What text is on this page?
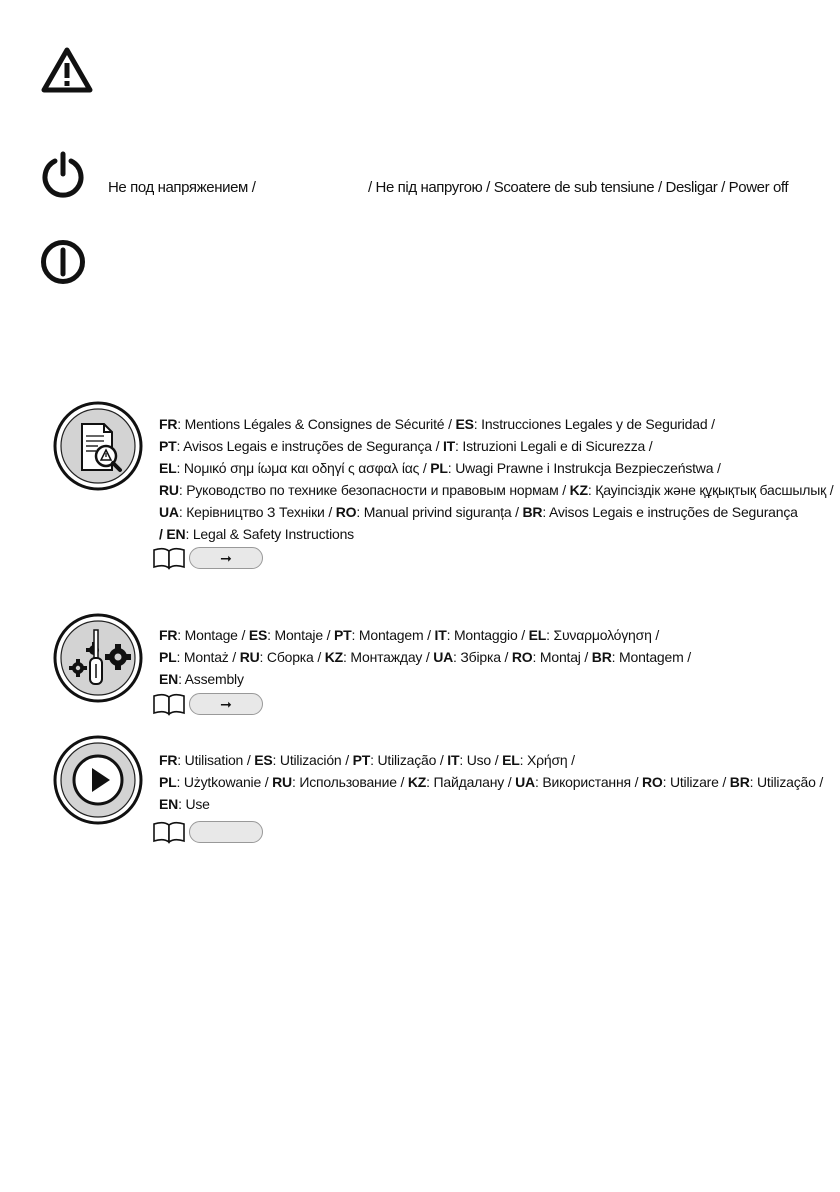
Не под напряжением /	/ Не під напругою / Scoatere de sub tensiune / Desligar / Power off
FR: Mentions Légales & Consignes de Sécurité / ES: Instrucciones Legales y de Seguridad /
PT: Avisos Legais e instruções de Segurança / IT: Istruzioni Legali e di Sicurezza /
EL: Νομικό σημ ίωμα και οδηγί ς ασφαλ ίας / PL: Uwagi Prawne i Instrukcja Bezpieczeństwa /
RU: Руководство по технике безопасности и правовым нормам / KZ: Қауіпсіздік және құқықтық басшылық /
UA: Керівництво З Техніки / RO: Manual privind siguranța / BR: Avisos Legais e instruções de Segurança
/ EN: Legal & Safety Instructions
➞
FR: Montage / ES: Montaje / PT: Montagem / IT: Montaggio / EL: Συναρμολόγηση /
PL: Montaż / RU: Сборка / KZ: Монтаждау / UA: Збірка / RO: Montaj / BR: Montagem /
EN: Assembly
➞
FR: Utilisation / ES: Utilización / PT: Utilização / IT: Uso / EL: Χρήση /
PL: Użytkowanie / RU: Использование / KZ: Пайдалану / UA: Використання / RO: Utilizare / BR: Utilização /
EN: Use
